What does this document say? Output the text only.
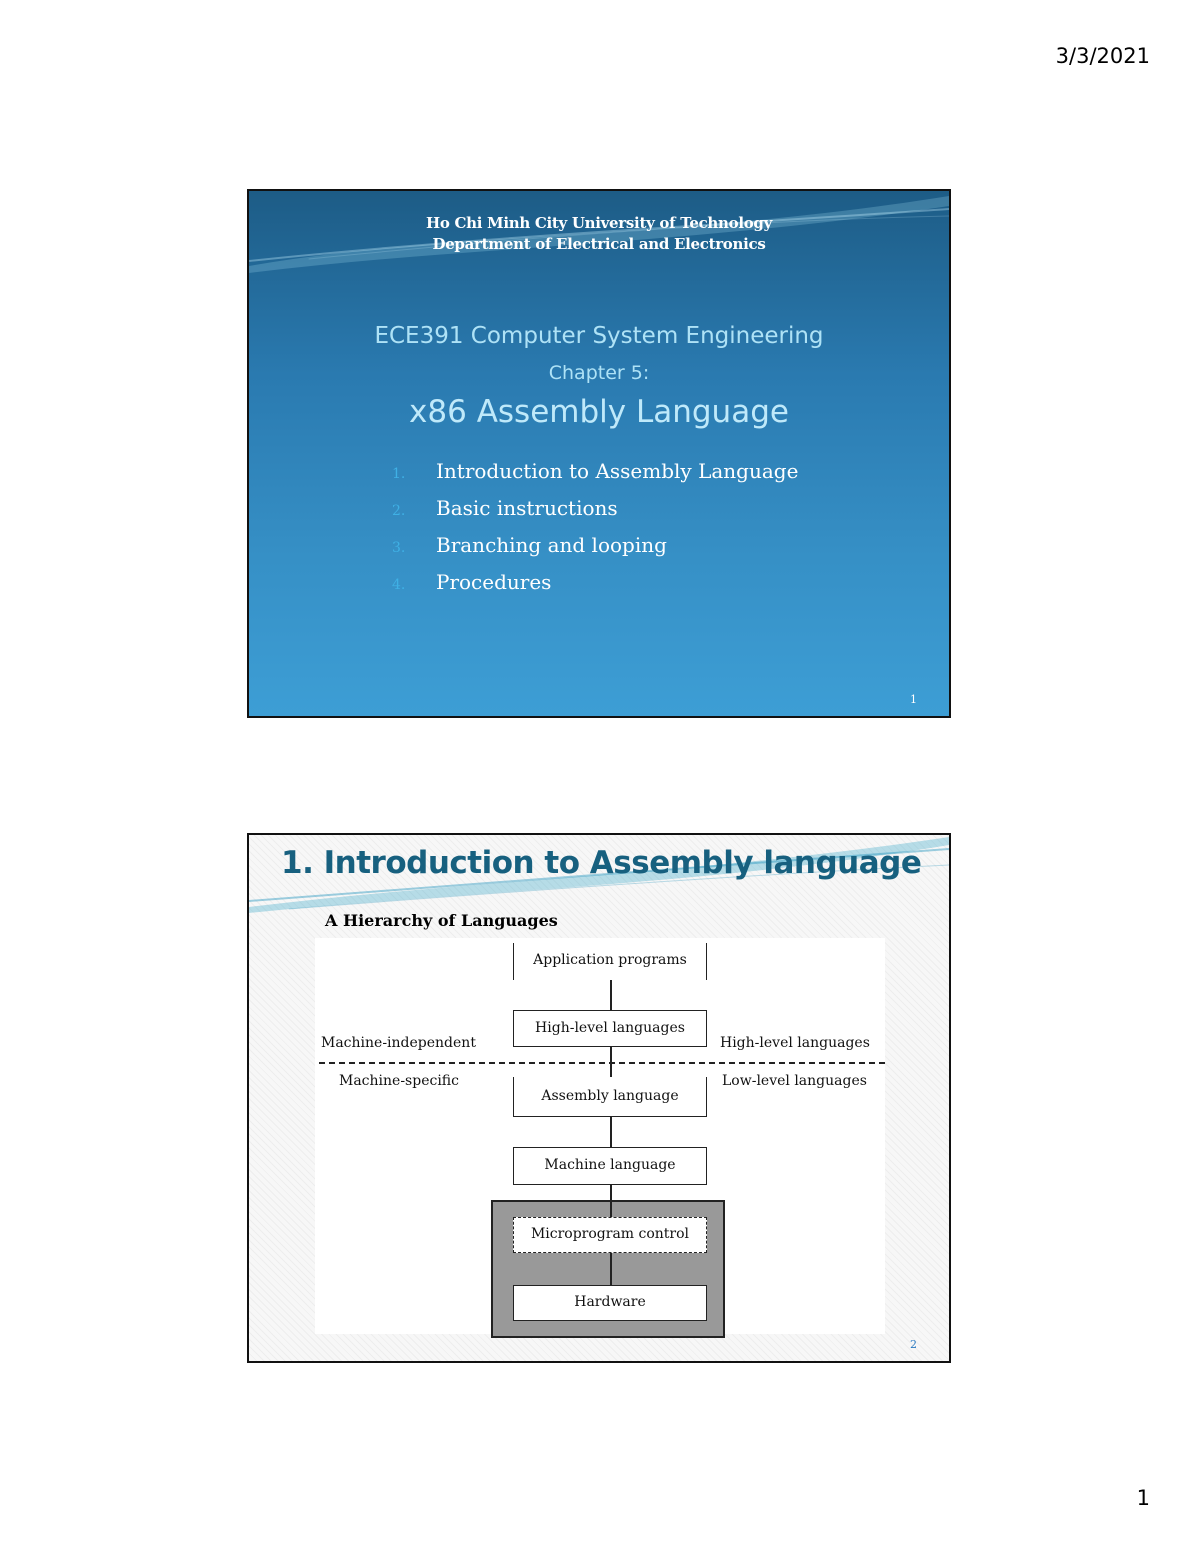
3/3/2021
Ho Chi Minh City University of Technology
Department of Electrical and Electronics
ECE391 Computer System Engineering
Chapter 5:
x86 Assembly Language
1.	Introduction to Assembly Language
2.	Basic instructions
3.	Branching and looping
4.	Procedures
1
1. Introduction to Assembly language
A Hierarchy of Languages
Application programs
High-level languages
Assembly language
Machine language
Microprogram control
Hardware
Machine-independent
Machine-specific
High-level languages
Low-level languages
2
1
